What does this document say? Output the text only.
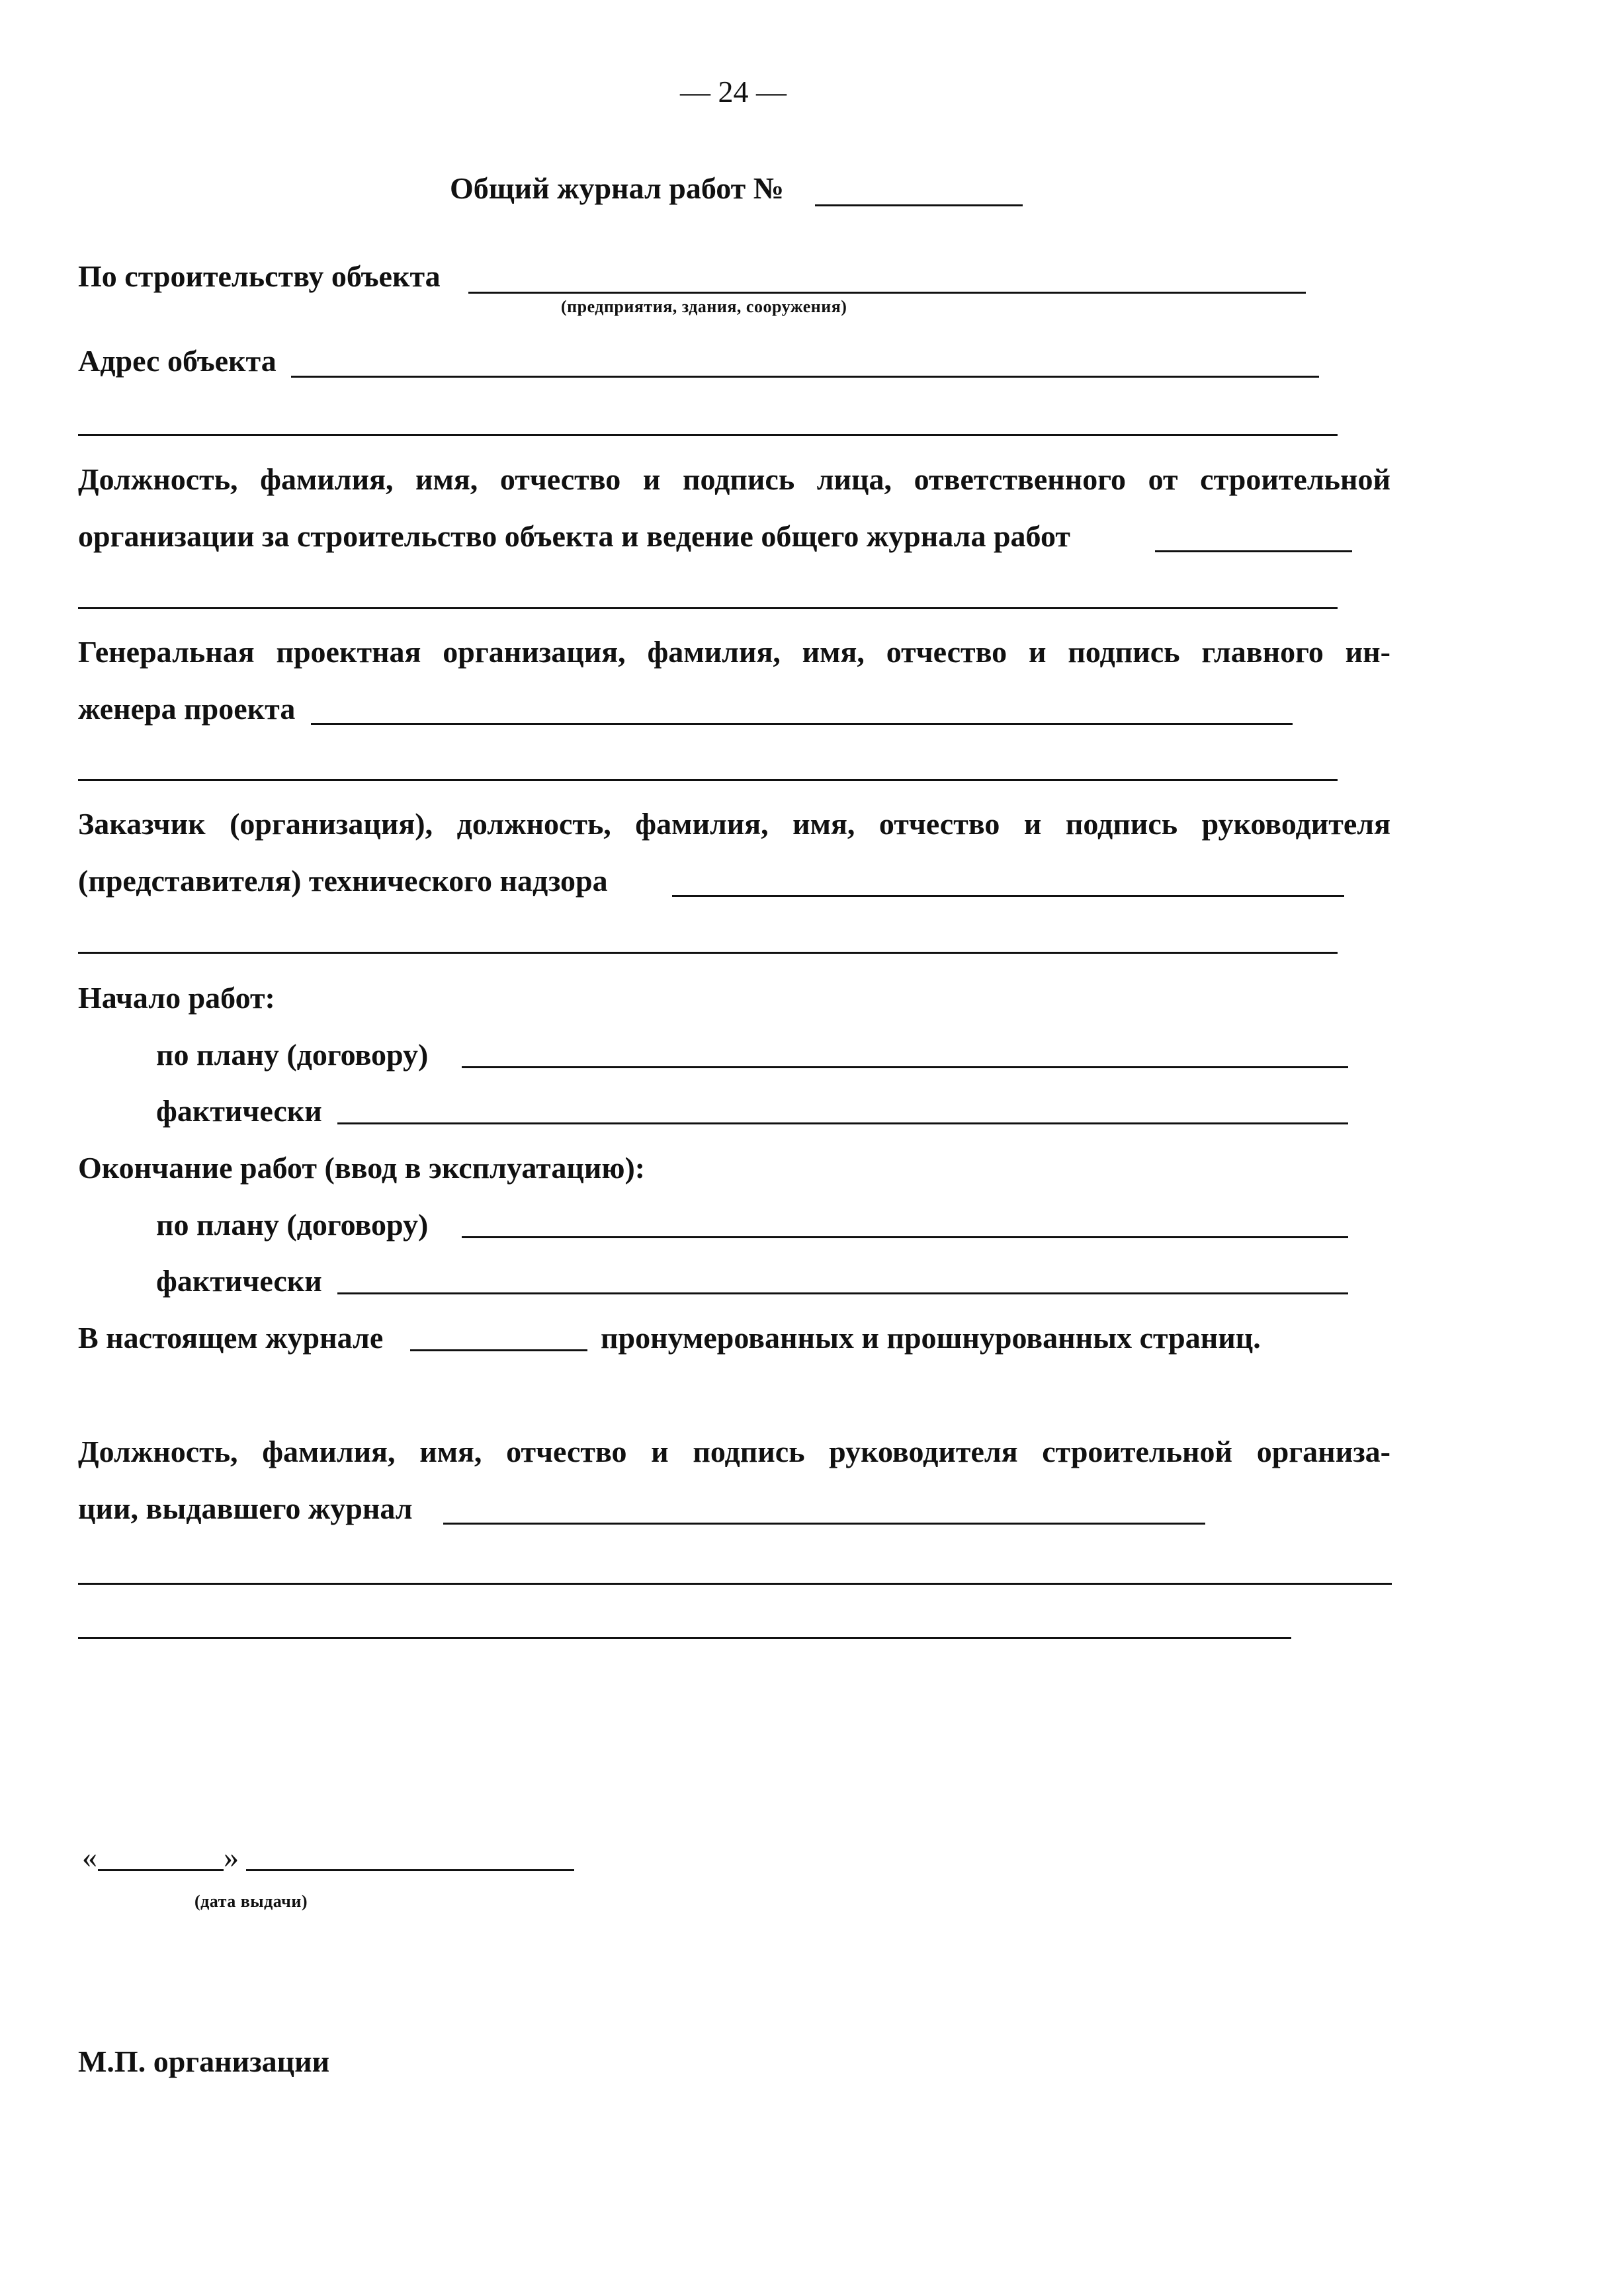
— 24 —
Общий журнал работ №
По строительству объекта
(предприятия, здания, сооружения)
Адрес объекта
Должность, фамилия, имя, отчество и подпись лица, ответственного от строительной
организации за строительство объекта и ведение общего журнала работ
Генеральная проектная организация, фамилия, имя, отчество и подпись главного ин-
женера проекта
Заказчик (организация), должность, фамилия, имя, отчество и подпись руководителя
(представителя) технического надзора
Начало работ:
по плану (договору)
фактически
Окончание работ (ввод в эксплуатацию):
по плану (договору)
фактически
В настоящем журнале	пронумерованных и прошнурованных страниц.
Должность, фамилия, имя, отчество и подпись руководителя строительной организа-
ции, выдавшего журнал
«	»
(дата выдачи)
М.П. организации
